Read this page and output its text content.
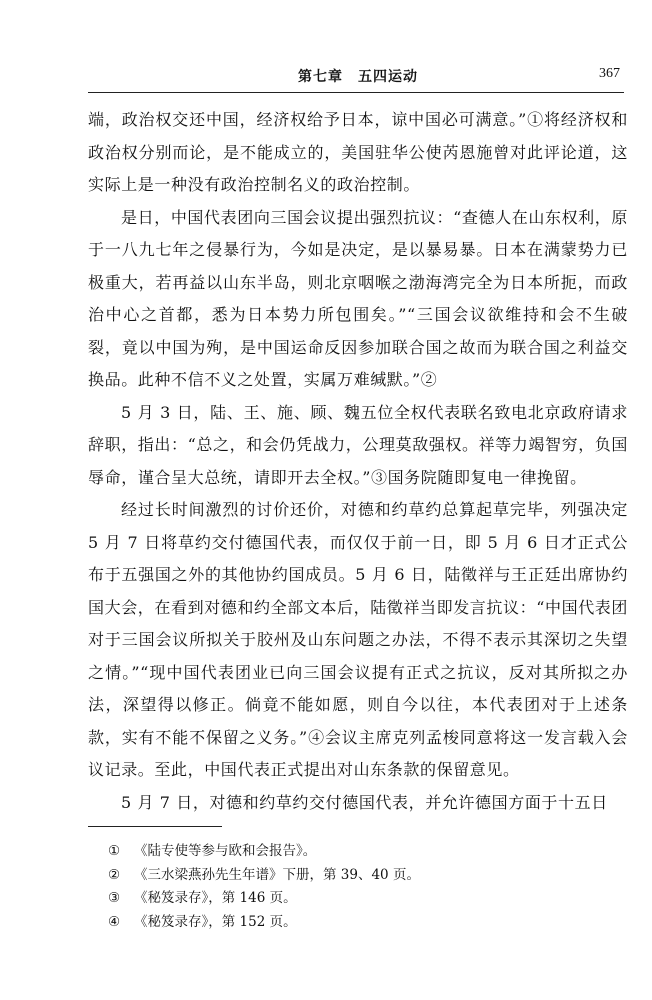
第七章　五四运动	367

端，政治权交还中国，经济权给予日本，谅中国必可满意。”①将经济权和政治权分别而论，是不能成立的，美国驻华公使芮恩施曾对此评论道，这实际上是一种没有政治控制名义的政治控制。

是日，中国代表团向三国会议提出强烈抗议：“查德人在山东权利，原于一八九七年之侵暴行为，今如是决定，是以暴易暴。日本在满蒙势力已极重大，若再益以山东半岛，则北京咽喉之渤海湾完全为日本所扼，而政治中心之首都，悉为日本势力所包围矣。”“三国会议欲维持和会不生破裂，竟以中国为殉，是中国运命反因参加联合国之故而为联合国之利益交换品。此种不信不义之处置，实属万难缄默。”②

5 月 3 日，陆、王、施、顾、魏五位全权代表联名致电北京政府请求辞职，指出：“总之，和会仍凭战力，公理莫敌强权。祥等力竭智穷，负国辱命，谨合呈大总统，请即开去全权。”③国务院随即复电一律挽留。

经过长时间激烈的讨价还价，对德和约草约总算起草完毕，列强决定 5 月 7 日将草约交付德国代表，而仅仅于前一日，即 5 月 6 日才正式公布于五强国之外的其他协约国成员。5 月 6 日，陆徵祥与王正廷出席协约国大会，在看到对德和约全部文本后，陆徵祥当即发言抗议：“中国代表团对于三国会议所拟关于胶州及山东问题之办法，不得不表示其深切之失望之情。”“现中国代表团业已向三国会议提有正式之抗议，反对其所拟之办法，深望得以修正。倘竟不能如愿，则自今以往，本代表团对于上述条款，实有不能不保留之义务。”④会议主席克列孟梭同意将这一发言载入会议记录。至此，中国代表正式提出对山东条款的保留意见。

5 月 7 日，对德和约草约交付德国代表，并允许德国方面于十五日

① 《陆专使等参与欧和会报告》。
② 《三水梁燕孙先生年谱》下册，第 39、40 页。
③ 《秘笈录存》，第 146 页。
④ 《秘笈录存》，第 152 页。
